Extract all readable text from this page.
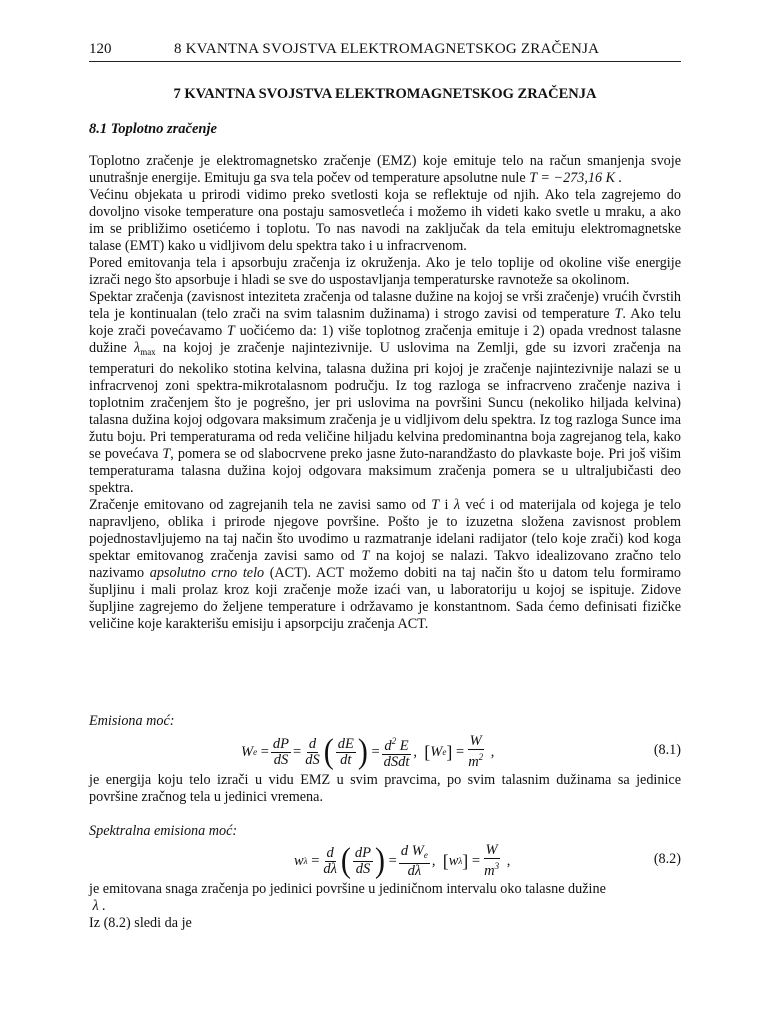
120	8 KVANTNA SVOJSTVA ELEKTROMAGNETSKOG ZRAČENJA
7 KVANTNA SVOJSTVA ELEKTROMAGNETSKOG ZRAČENJA
8.1 Toplotno zračenje

Toplotno zračenje je elektromagnetsko zračenje (EMZ) koje emituje telo na račun smanjenja svoje unutrašnje energije. Emituju ga sva tela počev od temperature apsolutne nule T = −273,16 K .

Većinu objekata u prirodi vidimo preko svetlosti koja se reflektuje od njih. Ako tela zagrejemo do dovoljno visoke temperature ona postaju samosvetleća i možemo ih videti kako svetle u mraku, a ako im se približimo osetićemo i toplotu. To nas navodi na zaključak da tela emituju elektromagnetske talase (EMT) kako u vidljivom delu spektra tako i u infracrvenom.

Pored emitovanja tela i apsorbuju zračenja iz okruženja. Ako je telo toplije od okoline više energije izrači nego što apsorbuje i hladi se sve do uspostavljanja temperaturske ravnoteže sa okolinom.

Spektar zračenja (zavisnost inteziteta zračenja od talasne dužine na kojoj se vrši zračenje) vrućih čvrstih tela je kontinualan (telo zrači na svim talasnim dužinama) i strogo zavisi od temperature T. Ako telu koje zrači povećavamo T uočićemo da: 1) više toplotnog zračenja emituje i 2) opada vrednost talasne dužine $\lambda_{max}$ na kojoj je zračenje najintezivnije. U uslovima na Zemlji, gde su izvori zračenja na temperaturi do nekoliko stotina kelvina, talasna dužina pri kojoj je zračenje najintezivnije nalazi se u infracrvenoj zoni spektra-mikrotalasnom području. Iz tog razloga se infracrveno zračenje naziva i toplotnim zračenjem što je pogrešno, jer pri uslovima na površini Suncu (nekoliko hiljada kelvina) talasna dužina kojoj odgovara maksimum zračenja je u vidljivom delu spektra. Iz tog razloga Sunce ima žutu boju. Pri temperaturama od reda veličine hiljadu kelvina predominantna boja zagrejanog tela, kako se povećava T, pomera se od slabocrvene preko jasne žuto-narandžasto do plavkaste boje. Pri još višim temperaturama talasna dužina kojoj odgovara maksimum zračenja pomera se u ultraljubičasti deo spektra.

Zračenje emitovano od zagrejanih tela ne zavisi samo od T i λ već i od materijala od kojega je telo napravljeno, oblika i prirode njegove površine. Pošto je to izuzetna složena zavisnost problem pojednostavljujemo na taj način što uvodimo u razmatranje idelani radijator (telo koje zrači) kod koga spektar emitovanog zračenja zavisi samo od T na kojoj se nalazi. Takvo idealizovano zračno telo nazivamo apsolutno crno telo (ACT). ACT možemo dobiti na taj način što u datom telu formiramo šupljinu i mali prolaz kroz koji zračenje može izaći van, u laboratoriju u kojoj se ispituje. Zidove šupljine zagrejemo do željene temperature i održavamo je konstantnom. Sada ćemo definisati fizičke veličine koje karakterišu emisiju i apsorpciju zračenja ACT.

Emisiona moć:
W $e = \frac{dP}{dS} = \frac{d}{dS}$ ( $\frac{dE}{dt}$ ) = $\frac{d^2 E}{\text{dSdt}}$ , [ W e ] = $\frac{W}{m^2}$ ,	(8.1)
je energija koju telo izrači u vidu EMZ u svim pravcima, po svim talasnim dužinama sa jedinice površine zračnog tela u jedinici vremena.
Spektralna emisiona moć:
w $\lambda = \frac{d}{d\lambda}$ ( $\frac{dP}{dS}$ ) = $\frac{d W_e}{d\lambda}$ , [ w λ ] = $\frac{W}{m^3}$ ,	(8.2)
je emitovana snaga zračenja po jedinici površine u jediničnom intervalu oko talasne dužine
λ .
Iz (8.2) sledi da je
